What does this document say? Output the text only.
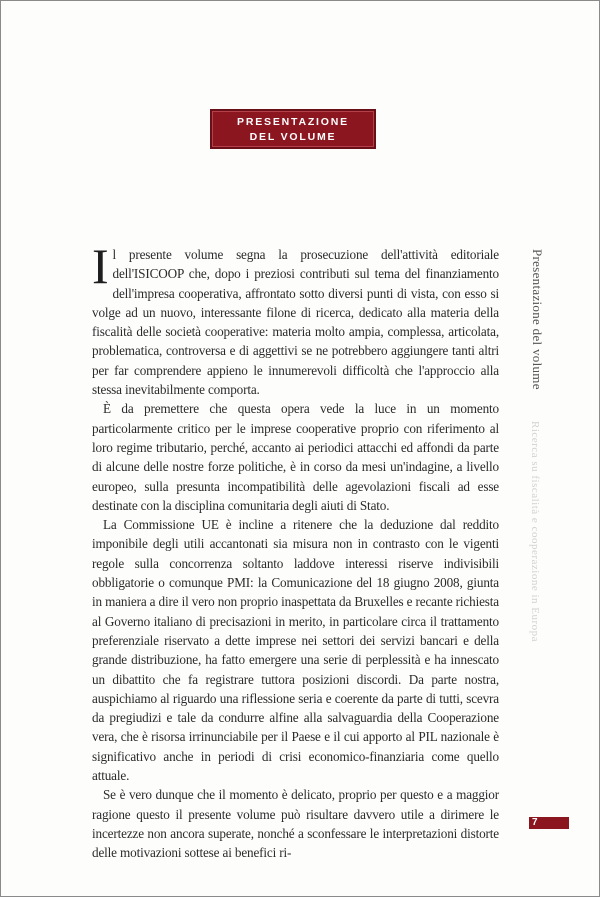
PRESENTAZIONE
DEL VOLUME

Il presente volume segna la prosecuzione dell'attività editoriale dell'ISICOOP che, dopo i preziosi contributi sul tema del finanziamento dell'impresa cooperativa, affrontato sotto diversi punti di vista, con esso si volge ad un nuovo, interessante filone di ricerca, dedicato alla materia della fiscalità delle società cooperative: materia molto ampia, complessa, articolata, problematica, controversa e di aggettivi se ne potrebbero aggiungere tanti altri per far comprendere appieno le innumerevoli difficoltà che l'approccio alla stessa inevitabilmente comporta.

È da premettere che questa opera vede la luce in un momento particolarmente critico per le imprese cooperative proprio con riferimento al loro regime tributario, perché, accanto ai periodici attacchi ed affondi da parte di alcune delle nostre forze politiche, è in corso da mesi un'indagine, a livello europeo, sulla presunta incompatibilità delle agevolazioni fiscali ad esse destinate con la disciplina comunitaria degli aiuti di Stato.

La Commissione UE è incline a ritenere che la deduzione dal reddito imponibile degli utili accantonati sia misura non in contrasto con le vigenti regole sulla concorrenza soltanto laddove interessi riserve indivisibili obbligatorie o comunque PMI: la Comunicazione del 18 giugno 2008, giunta in maniera a dire il vero non proprio inaspettata da Bruxelles e recante richiesta al Governo italiano di precisazioni in merito, in particolare circa il trattamento preferenziale riservato a dette imprese nei settori dei servizi bancari e della grande distribuzione, ha fatto emergere una serie di perplessità e ha innescato un dibattito che fa registrare tuttora posizioni discordi. Da parte nostra, auspichiamo al riguardo una riflessione seria e coerente da parte di tutti, scevra da pregiudizi e tale da condurre alfine alla salvaguardia della Cooperazione vera, che è risorsa irrinunciabile per il Paese e il cui apporto al PIL nazionale è significativo anche in periodi di crisi economico-finanziaria come quello attuale.

Se è vero dunque che il momento è delicato, proprio per questo e a maggior ragione questo il presente volume può risultare davvero utile a dirimere le incertezze non ancora superate, nonché a sconfessare le interpretazioni distorte delle motivazioni sottese ai benefici ri-

Presentazione del volume
Ricerca su fiscalità e cooperazione in Europa
7
